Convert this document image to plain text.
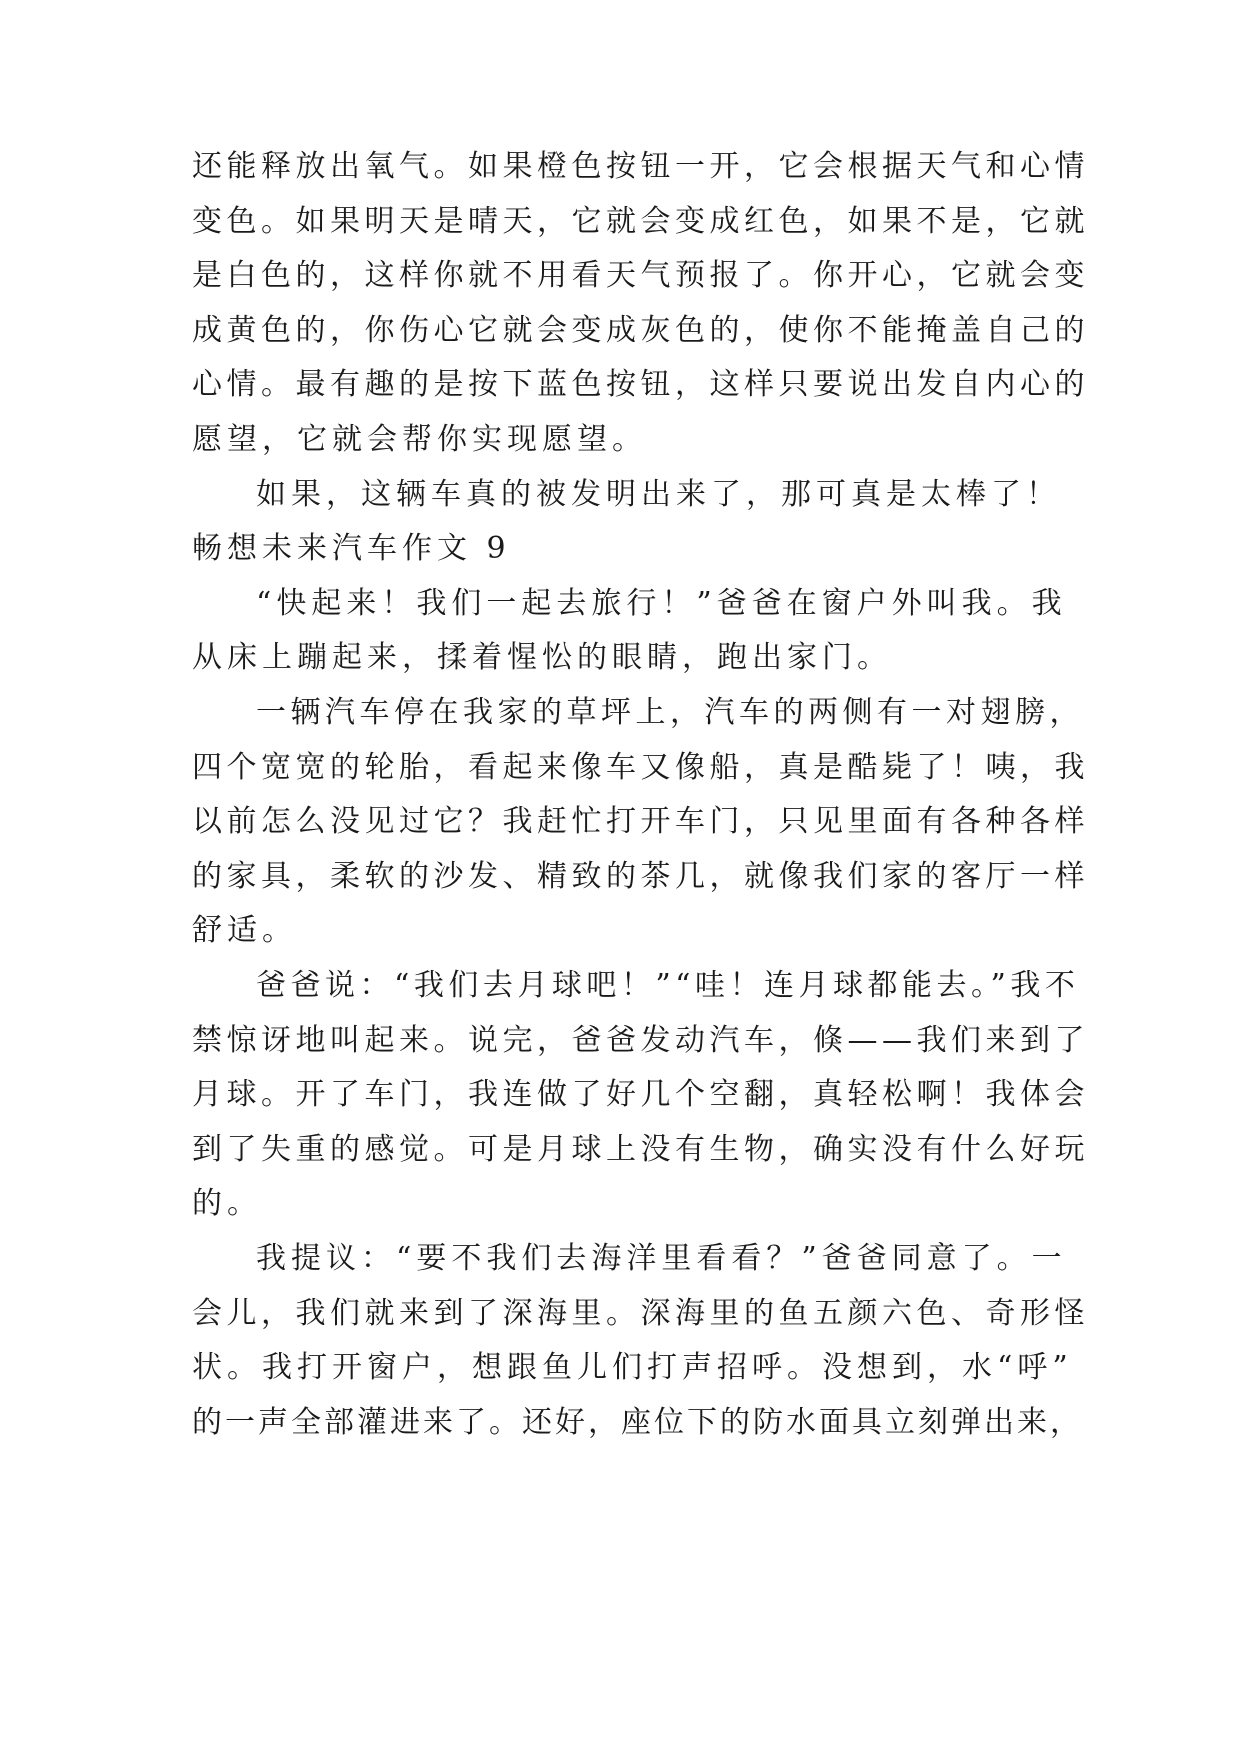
还能释放出氧气。如果橙色按钮一开，它会根据天气和心情

变色。如果明天是晴天，它就会变成红色，如果不是，它就

是白色的，这样你就不用看天气预报了。你开心，它就会变

成黄色的，你伤心它就会变成灰色的，使你不能掩盖自己的

心情。最有趣的是按下蓝色按钮，这样只要说出发自内心的

愿望，它就会帮你实现愿望。

如果，这辆车真的被发明出来了，那可真是太棒了！

畅想未来汽车作文 9

“快起来！我们一起去旅行！”爸爸在窗户外叫我。我

从床上蹦起来，揉着惺忪的眼睛，跑出家门。

一辆汽车停在我家的草坪上，汽车的两侧有一对翅膀，

四个宽宽的轮胎，看起来像车又像船，真是酷毙了！咦，我

以前怎么没见过它？我赶忙打开车门，只见里面有各种各样

的家具，柔软的沙发、精致的茶几，就像我们家的客厅一样

舒适。

爸爸说：“我们去月球吧！”“哇！连月球都能去。”我不

禁惊讶地叫起来。说完，爸爸发动汽车，倏——我们来到了

月球。开了车门，我连做了好几个空翻，真轻松啊！我体会

到了失重的感觉。可是月球上没有生物，确实没有什么好玩

的。

我提议：“要不我们去海洋里看看？”爸爸同意了。一

会儿，我们就来到了深海里。深海里的鱼五颜六色、奇形怪

状。我打开窗户，想跟鱼儿们打声招呼。没想到，水“呼”

的一声全部灌进来了。还好，座位下的防水面具立刻弹出来，
